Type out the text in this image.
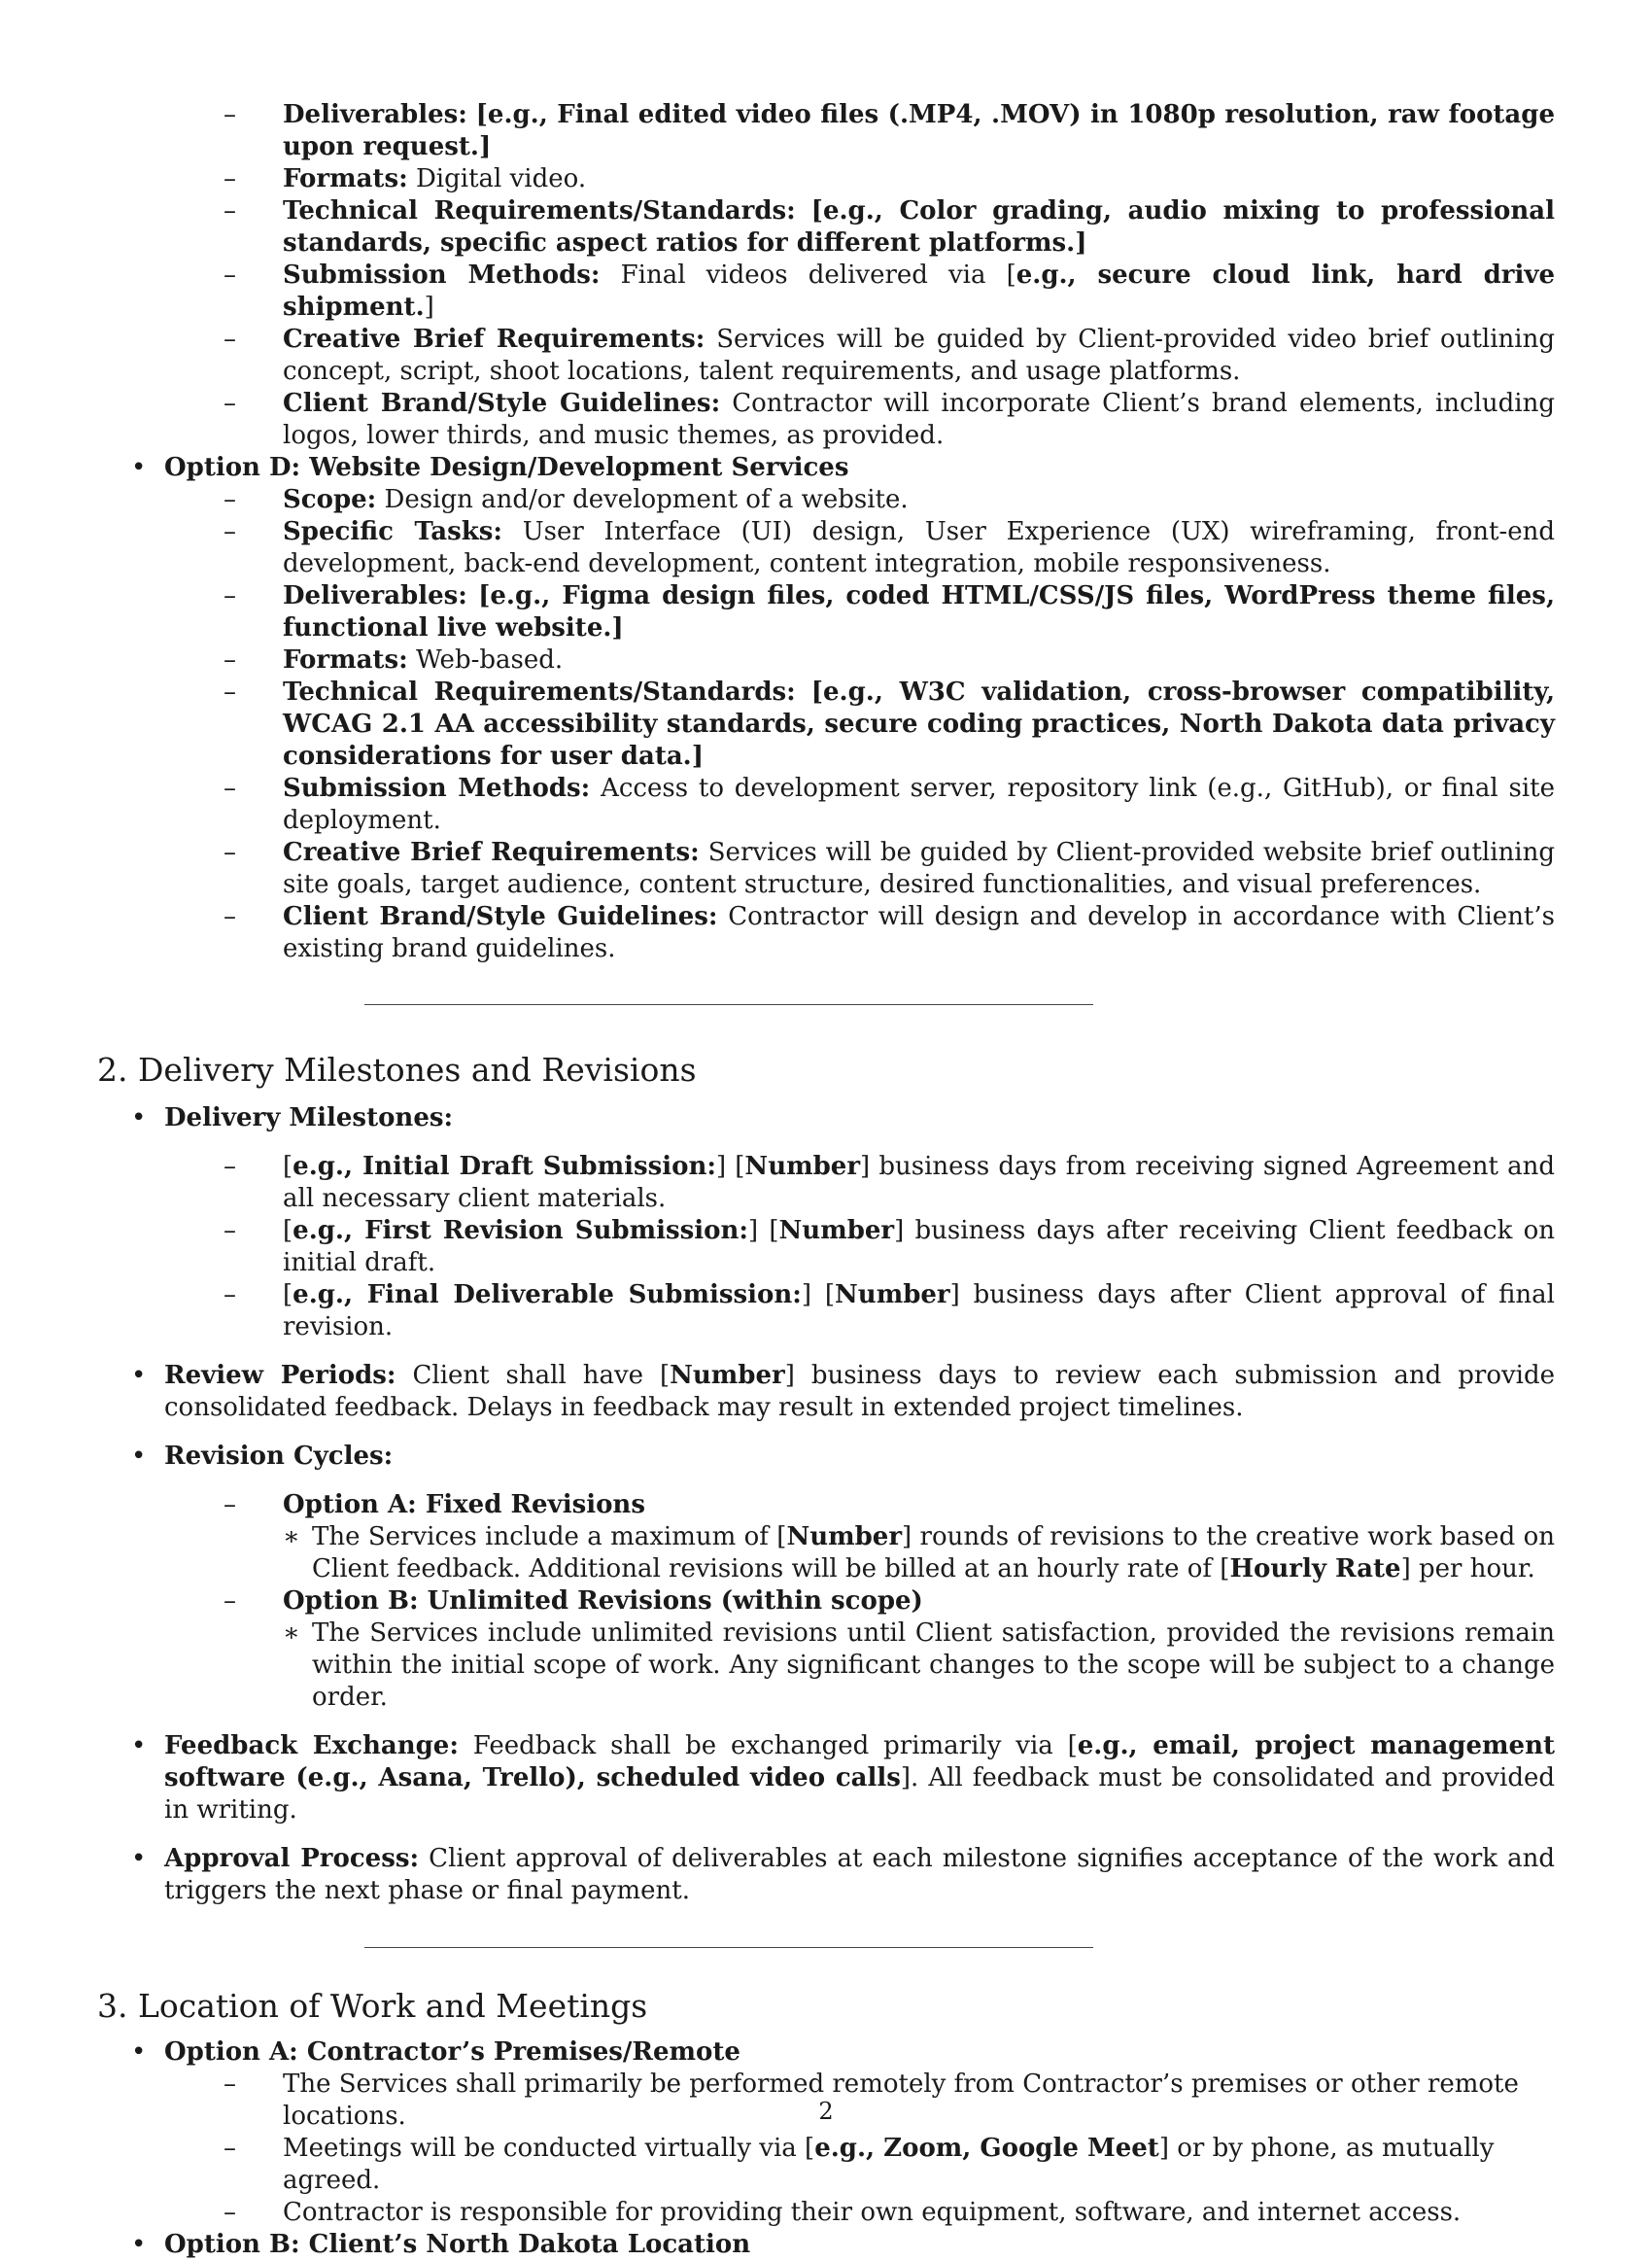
– Deliverables: [e.g., Final edited video files (.MP4, .MOV) in 1080p resolution, raw footage upon request.]
– Formats: Digital video.
– Technical Requirements/Standards: [e.g., Color grading, audio mixing to professional standards, specific aspect ratios for different platforms.]
– Submission Methods: Final videos delivered via [e.g., secure cloud link, hard drive shipment.]
– Creative Brief Requirements: Services will be guided by Client-provided video brief outlining concept, script, shoot locations, talent requirements, and usage platforms.
– Client Brand/Style Guidelines: Contractor will incorporate Client’s brand elements, including logos, lower thirds, and music themes, as provided.
• Option D: Website Design/Development Services
– Scope: Design and/or development of a website.
– Specific Tasks: User Interface (UI) design, User Experience (UX) wireframing, front-end development, back-end development, content integration, mobile responsiveness.
– Deliverables: [e.g., Figma design files, coded HTML/CSS/JS files, WordPress theme files, functional live website.]
– Formats: Web-based.
– Technical Requirements/Standards: [e.g., W3C validation, cross-browser compatibility, WCAG 2.1 AA accessibility standards, secure coding practices, North Dakota data privacy considerations for user data.]
– Submission Methods: Access to development server, repository link (e.g., GitHub), or final site deployment.
– Creative Brief Requirements: Services will be guided by Client-provided website brief outlining site goals, target audience, content structure, desired functionalities, and visual preferences.
– Client Brand/Style Guidelines: Contractor will design and develop in accordance with Client’s existing brand guidelines.
2. Delivery Milestones and Revisions
• Delivery Milestones:
– [e.g., Initial Draft Submission:] [Number] business days from receiving signed Agreement and all necessary client materials.
– [e.g., First Revision Submission:] [Number] business days after receiving Client feedback on initial draft.
– [e.g., Final Deliverable Submission:] [Number] business days after Client approval of final revision.
• Review Periods: Client shall have [Number] business days to review each submission and provide consolidated feedback. Delays in feedback may result in extended project timelines.
• Revision Cycles:
– Option A: Fixed Revisions
∗ The Services include a maximum of [Number] rounds of revisions to the creative work based on Client feedback. Additional revisions will be billed at an hourly rate of [Hourly Rate] per hour.
– Option B: Unlimited Revisions (within scope)
∗ The Services include unlimited revisions until Client satisfaction, provided the revisions remain within the initial scope of work. Any significant changes to the scope will be subject to a change order.
• Feedback Exchange: Feedback shall be exchanged primarily via [e.g., email, project management software (e.g., Asana, Trello), scheduled video calls]. All feedback must be consolidated and provided in writing.
• Approval Process: Client approval of deliverables at each milestone signifies acceptance of the work and triggers the next phase or final payment.
3. Location of Work and Meetings
• Option A: Contractor’s Premises/Remote
– The Services shall primarily be performed remotely from Contractor’s premises or other remote locations.
– Meetings will be conducted virtually via [e.g., Zoom, Google Meet] or by phone, as mutually agreed.
– Contractor is responsible for providing their own equipment, software, and internet access.
• Option B: Client’s North Dakota Location
2
